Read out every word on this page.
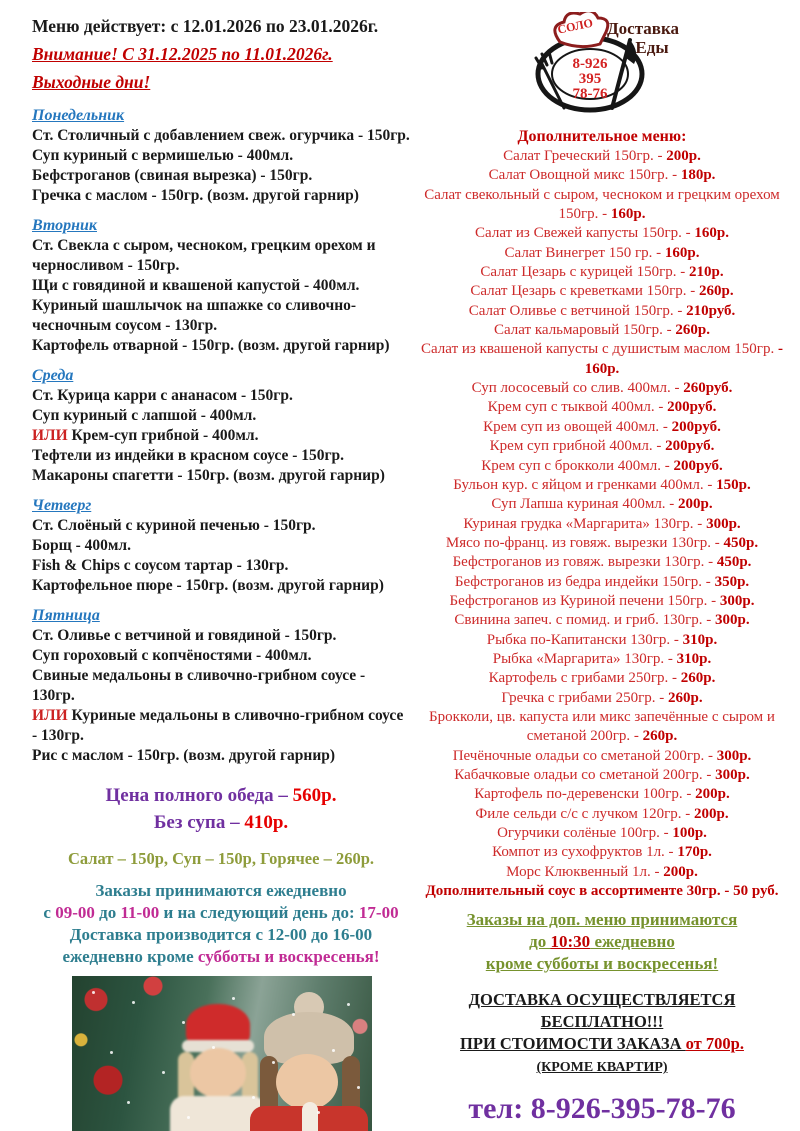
Меню действует: с 12.01.2026 по 23.01.2026г.
Внимание! С 31.12.2025 по 11.01.2026г.
Выходные дни!
Понедельник
Ст. Столичный с добавлением свеж. огурчика - 150гр.
Суп куриный с вермишелью - 400мл.
Бефстроганов (свиная вырезка) - 150гр.
Гречка с маслом - 150гр. (возм. другой гарнир)
Вторник
Ст. Свекла с сыром, чесноком, грецким орехом и черносливом - 150гр.
Щи с говядиной и квашеной капустой - 400мл.
Куриный шашлычок на шпажке со сливочно-чесночным соусом - 130гр.
Картофель отварной - 150гр. (возм. другой гарнир)
Среда
Ст. Курица карри с ананасом - 150гр.
Суп куриный с лапшой - 400мл.
ИЛИ Крем-суп грибной - 400мл.
Тефтели из индейки в красном соусе - 150гр.
Макароны спагетти - 150гр. (возм. другой гарнир)
Четверг
Ст. Слоёный с куриной печенью - 150гр.
Борщ - 400мл.
Fish & Chips с соусом тартар - 130гр.
Картофельное пюре - 150гр. (возм. другой гарнир)
Пятница
Ст. Оливье с ветчиной и говядиной - 150гр.
Суп гороховый с копчёностями - 400мл.
Свиные медальоны в сливочно-грибном соусе - 130гр.
ИЛИ Куриные медальоны в сливочно-грибном соусе - 130гр.
Рис с маслом - 150гр. (возм. другой гарнир)
Цена полного обеда – 560р.
Без супа – 410р.
Салат – 150р, Суп – 150р, Горячее – 260р.
Заказы принимаются ежедневно
с 09-00 до 11-00 и на следующий день до: 17-00
Доставка производится с 12-00 до 16-00
ежедневно кроме субботы и воскресенья!
СОЛО Доставка
Еды
8-926
395
78-76
Дополнительное меню:
Салат Греческий 150гр. - 200р.
Салат Овощной микс 150гр. - 180р.
Салат свекольный с сыром, чесноком и грецким орехом 150гр. - 160р.
Салат из Свежей капусты 150гр. - 160р.
Салат Винегрет 150 гр. - 160р.
Салат Цезарь с курицей 150гр. - 210р.
Салат Цезарь с креветками 150гр. - 260р.
Салат Оливье с ветчиной 150гр. - 210руб.
Салат кальмаровый 150гр. - 260р.
Салат из квашеной капусты с душистым маслом 150гр. - 160р.
Суп лососевый со слив. 400мл. - 260руб.
Крем суп с тыквой 400мл. - 200руб.
Крем суп из овощей 400мл. - 200руб.
Крем суп грибной 400мл. - 200руб.
Крем суп с брокколи 400мл. - 200руб.
Бульон кур. с яйцом и гренками 400мл. - 150р.
Суп Лапша куриная 400мл. - 200р.
Куриная грудка «Маргарита» 130гр. - 300р.
Мясо по-франц. из говяж. вырезки 130гр. - 450р.
Бефстроганов из говяж. вырезки 130гр. - 450р.
Бефстроганов из бедра индейки 150гр. - 350р.
Бефстроганов из Куриной печени 150гр. - 300р.
Свинина запеч. с помид. и гриб. 130гр. - 300р.
Рыбка по-Капитански 130гр. - 310р.
Рыбка «Маргарита» 130гр. - 310р.
Картофель с грибами 250гр. - 260р.
Гречка с грибами 250гр. - 260р.
Брокколи, цв. капуста или микс запечённые с сыром и сметаной 200гр. - 260р.
Печёночные оладьи со сметаной 200гр. - 300р.
Кабачковые оладьи со сметаной 200гр. - 300р.
Картофель по-деревенски 100гр. - 200р.
Филе сельди с/с с лучком 120гр. - 200р.
Огурчики солёные 100гр. - 100р.
Компот из сухофруктов 1л. - 170р.
Морс Клюквенный 1л. - 200р.
Дополнительный соус в ассортименте 30гр. - 50 руб.
Заказы на доп. меню принимаются
до 10:30 ежедневно
кроме субботы и воскресенья!
ДОСТАВКА ОСУЩЕСТВЛЯЕТСЯ БЕСПЛАТНО!!!
ПРИ СТОИМОСТИ ЗАКАЗА от 700р.
(КРОМЕ КВАРТИР)
тел: 8-926-395-78-76
